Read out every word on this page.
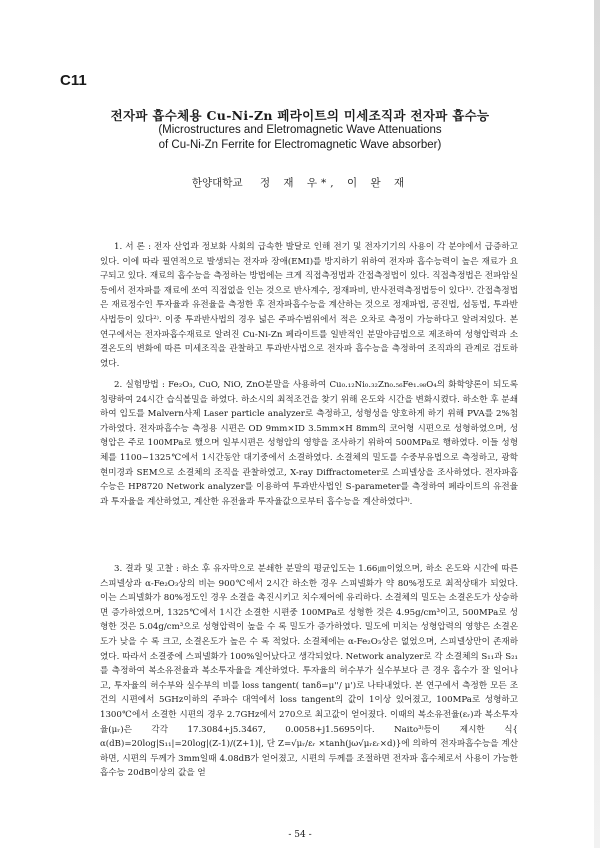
C11
전자파 흡수체용 Cu-Ni-Zn 페라이트의 미세조직과 전자파 흡수능
(Microstructures and Eletromagnetic Wave Attenuations
of Cu-Ni-Zn Ferrite for Electromagnetic Wave absorber)
한양대학교 정 재 우*, 이 완 재

1. 서 론 : 전자 산업과 정보화 사회의 급속한 발달로 인해 전기 및 전자기기의 사용이 각 분야에서 급증하고 있다. 이에 따라 필연적으로 발생되는 전자파 장애(EMI)를 방지하기 위하여 전자파 흡수능력이 높은 재료가 요구되고 있다. 재료의 흡수능을 측정하는 방법에는 크게 직접측정법과 간접측정법이 있다. 직접측정법은 전파암실등에서 전자파를 재료에 쏘여 직접없을 인는 것으로 반사계수, 정재파비, 반사전력측정법등이 있다¹⁾. 간접측정법은 재료정수인 투자율과 유전율을 측정한 후 전자파흡수능을 계산하는 것으로 정재파법, 공진법, 섭동법, 투과반사법등이 있다²⁾. 이중 투과반사법의 경우 넓은 주파수범위에서 적은 오차로 측정이 가능하다고 알려져있다. 본 연구에서는 전자파흡수재료로 알려진 Cu-Ni-Zn 페라이트를 일반적인 분말야금법으로 제조하여 성형압력과 소결온도의 변화에 따른 미세조직을 관찰하고 투과반사법으로 전자파 흡수능을 측정하여 조직과의 관계로 검토하였다.

2. 실험방법 : Fe₂O₃, CuO, NiO, ZnO분말을 사용하여 Cu₀.₁₂Ni₀.₃₂Zn₀.₅₆Fe₁.₉₈O₄의 화학양론이 되도록 칭량하여 24시간 습식볼밀을 하였다. 하소시의 최적조건을 찾기 위해 온도와 시간을 변화시켰다. 하소한 후 분쇄하여 입도를 Malvern사제 Laser particle analyzer로 측정하고, 성형성을 양호하게 하기 위해 PVA를 2%첨가하였다. 전자파흡수능 측정용 시편은 OD 9mm×ID 3.5mm×H 8mm의 코어형 시편으로 성형하였으며, 성형압은 주로 100MPa로 했으며 일부시편은 성형압의 영향을 조사하기 위하여 500MPa로 행하였다. 이들 성형체를 1100~1325℃에서 1시간동안 대기중에서 소결하였다. 소결체의 밀도를 수중부유법으로 측정하고, 광학현미경과 SEM으로 소결체의 조직을 관찰하였고, X-ray Diffractometer로 스피넬상을 조사하였다. 전자파흡수능은 HP8720 Network analyzer를 이용하여 투과반사법인 S-parameter를 측정하여 페라이트의 유전율과 투자율을 계산하였고, 계산한 유전율과 투자율값으로부터 흡수능을 계산하였다³⁾.

3. 결과 및 고찰 : 하소 후 유자막으로 분쇄한 분말의 평균입도는 1.66㎛이었으며, 하소 온도와 시간에 따른 스피넬상과 α-Fe₂O₃상의 비는 900℃에서 2시간 하소한 경우 스피넬화가 약 80%정도로 최적상태가 되었다. 이는 스피넬화가 80%정도인 경우 소결을 촉진시키고 치수제어에 유리하다. 소결체의 밀도는 소결온도가 상승하면 증가하였으며, 1325℃에서 1시간 소결한 시편중 100MPa로 성형한 것은 4.95g/cm³이고, 500MPa로 성형한 것은 5.04g/cm³으로 성형압력이 높을 수 록 밀도가 증가하였다. 밀도에 미치는 성형압력의 영향은 소결온도가 낮을 수 록 크고, 소결온도가 높은 수 록 적었다. 소결체에는 α-Fe₂O₃상은 없었으며, 스피넬상만이 존재하였다. 따라서 소결중에 스피넬화가 100%일어났다고 생각되었다. Network analyzer로 각 소결체의 S₁₁과 S₂₁를 측정하여 복소유전율과 복소투자율을 계산하였다. 투자율의 허수부가 실수부보다 큰 경우 흡수가 잘 일어나고, 투자율의 허수부와 실수부의 비를 loss tangent( tanδ=μ''/ μ')로 나타내었다. 본 연구에서 측정한 모든 조건의 시편에서 5GHz이하의 주파수 대역에서 loss tangent의 값이 1이상 있어졌고, 100MPa로 성형하고 1300℃에서 소결한 시편의 경우 2.7GHz에서 270으로 최고값이 얻어졌다. 이때의 복소유전율(εᵣ)과 복소투자율(μᵣ)은 각각 17.3084+j5.3467, 0.0058+j1.5695이다. Naito³⁾등이 제시한 식{ α(dB)=20log|S₁₁|=20log|(Z-1)/(Z+1)|, 단 Z=√μᵣ/εᵣ ×tanh(jω√μᵣεᵣ×d)}에 의하여 전자파흡수능을 계산하면, 시편의 두께가 3mm일때 4.08dB가 얻어졌고, 시편의 두께를 조절하면 전자파 흡수체로서 사용이 가능한 흡수능 20dB이상의 값을 얻

- 54 -
